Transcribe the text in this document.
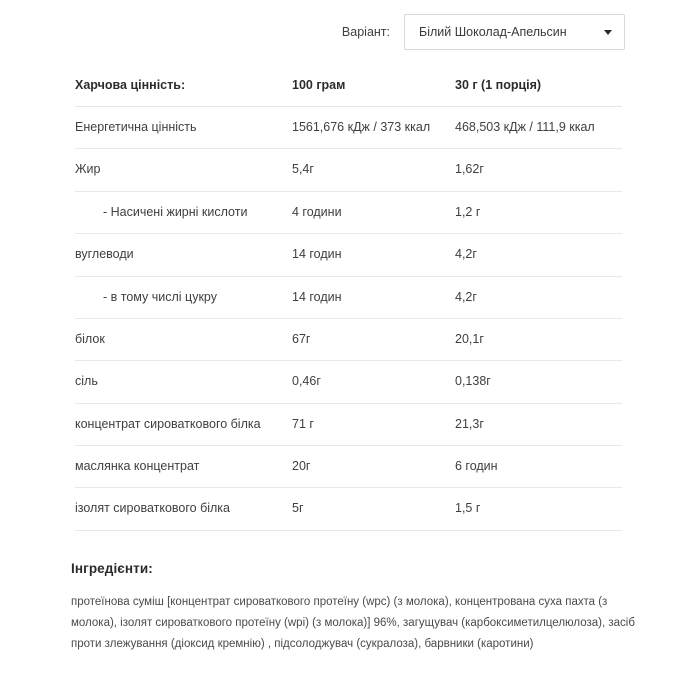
Варіант: Білий Шоколад-Апельсин
Харчова цінність:	100 грам	30 г (1 порція)
Енергетична цінність	1561,676 кДж / 373 ккал	468,503 кДж / 111,9 ккал
Жир	5,4г	1,62г
- Насичені жирні кислоти	4 години	1,2 г
вуглеводи	14 годин	4,2г
- в тому числі цукру	14 годин	4,2г
білок	67г	20,1г
сіль	0,46г	0,138г
концентрат сироваткового білка	71 г	21,3г
маслянка концентрат	20г	6 годин
ізолят сироваткового білка	5г	1,5 г
Інгредієнти:

протеїнова суміш [концентрат сироваткового протеїну (wpc) (з молока), концентрована суха пахта (з молока), ізолят сироваткового протеїну (wpi) (з молока)] 96%, загущувач (карбоксиметилцелюлоза), засіб проти злежування (діоксид кремнію) , підсолоджувач (сукралоза), барвники (каротини)
